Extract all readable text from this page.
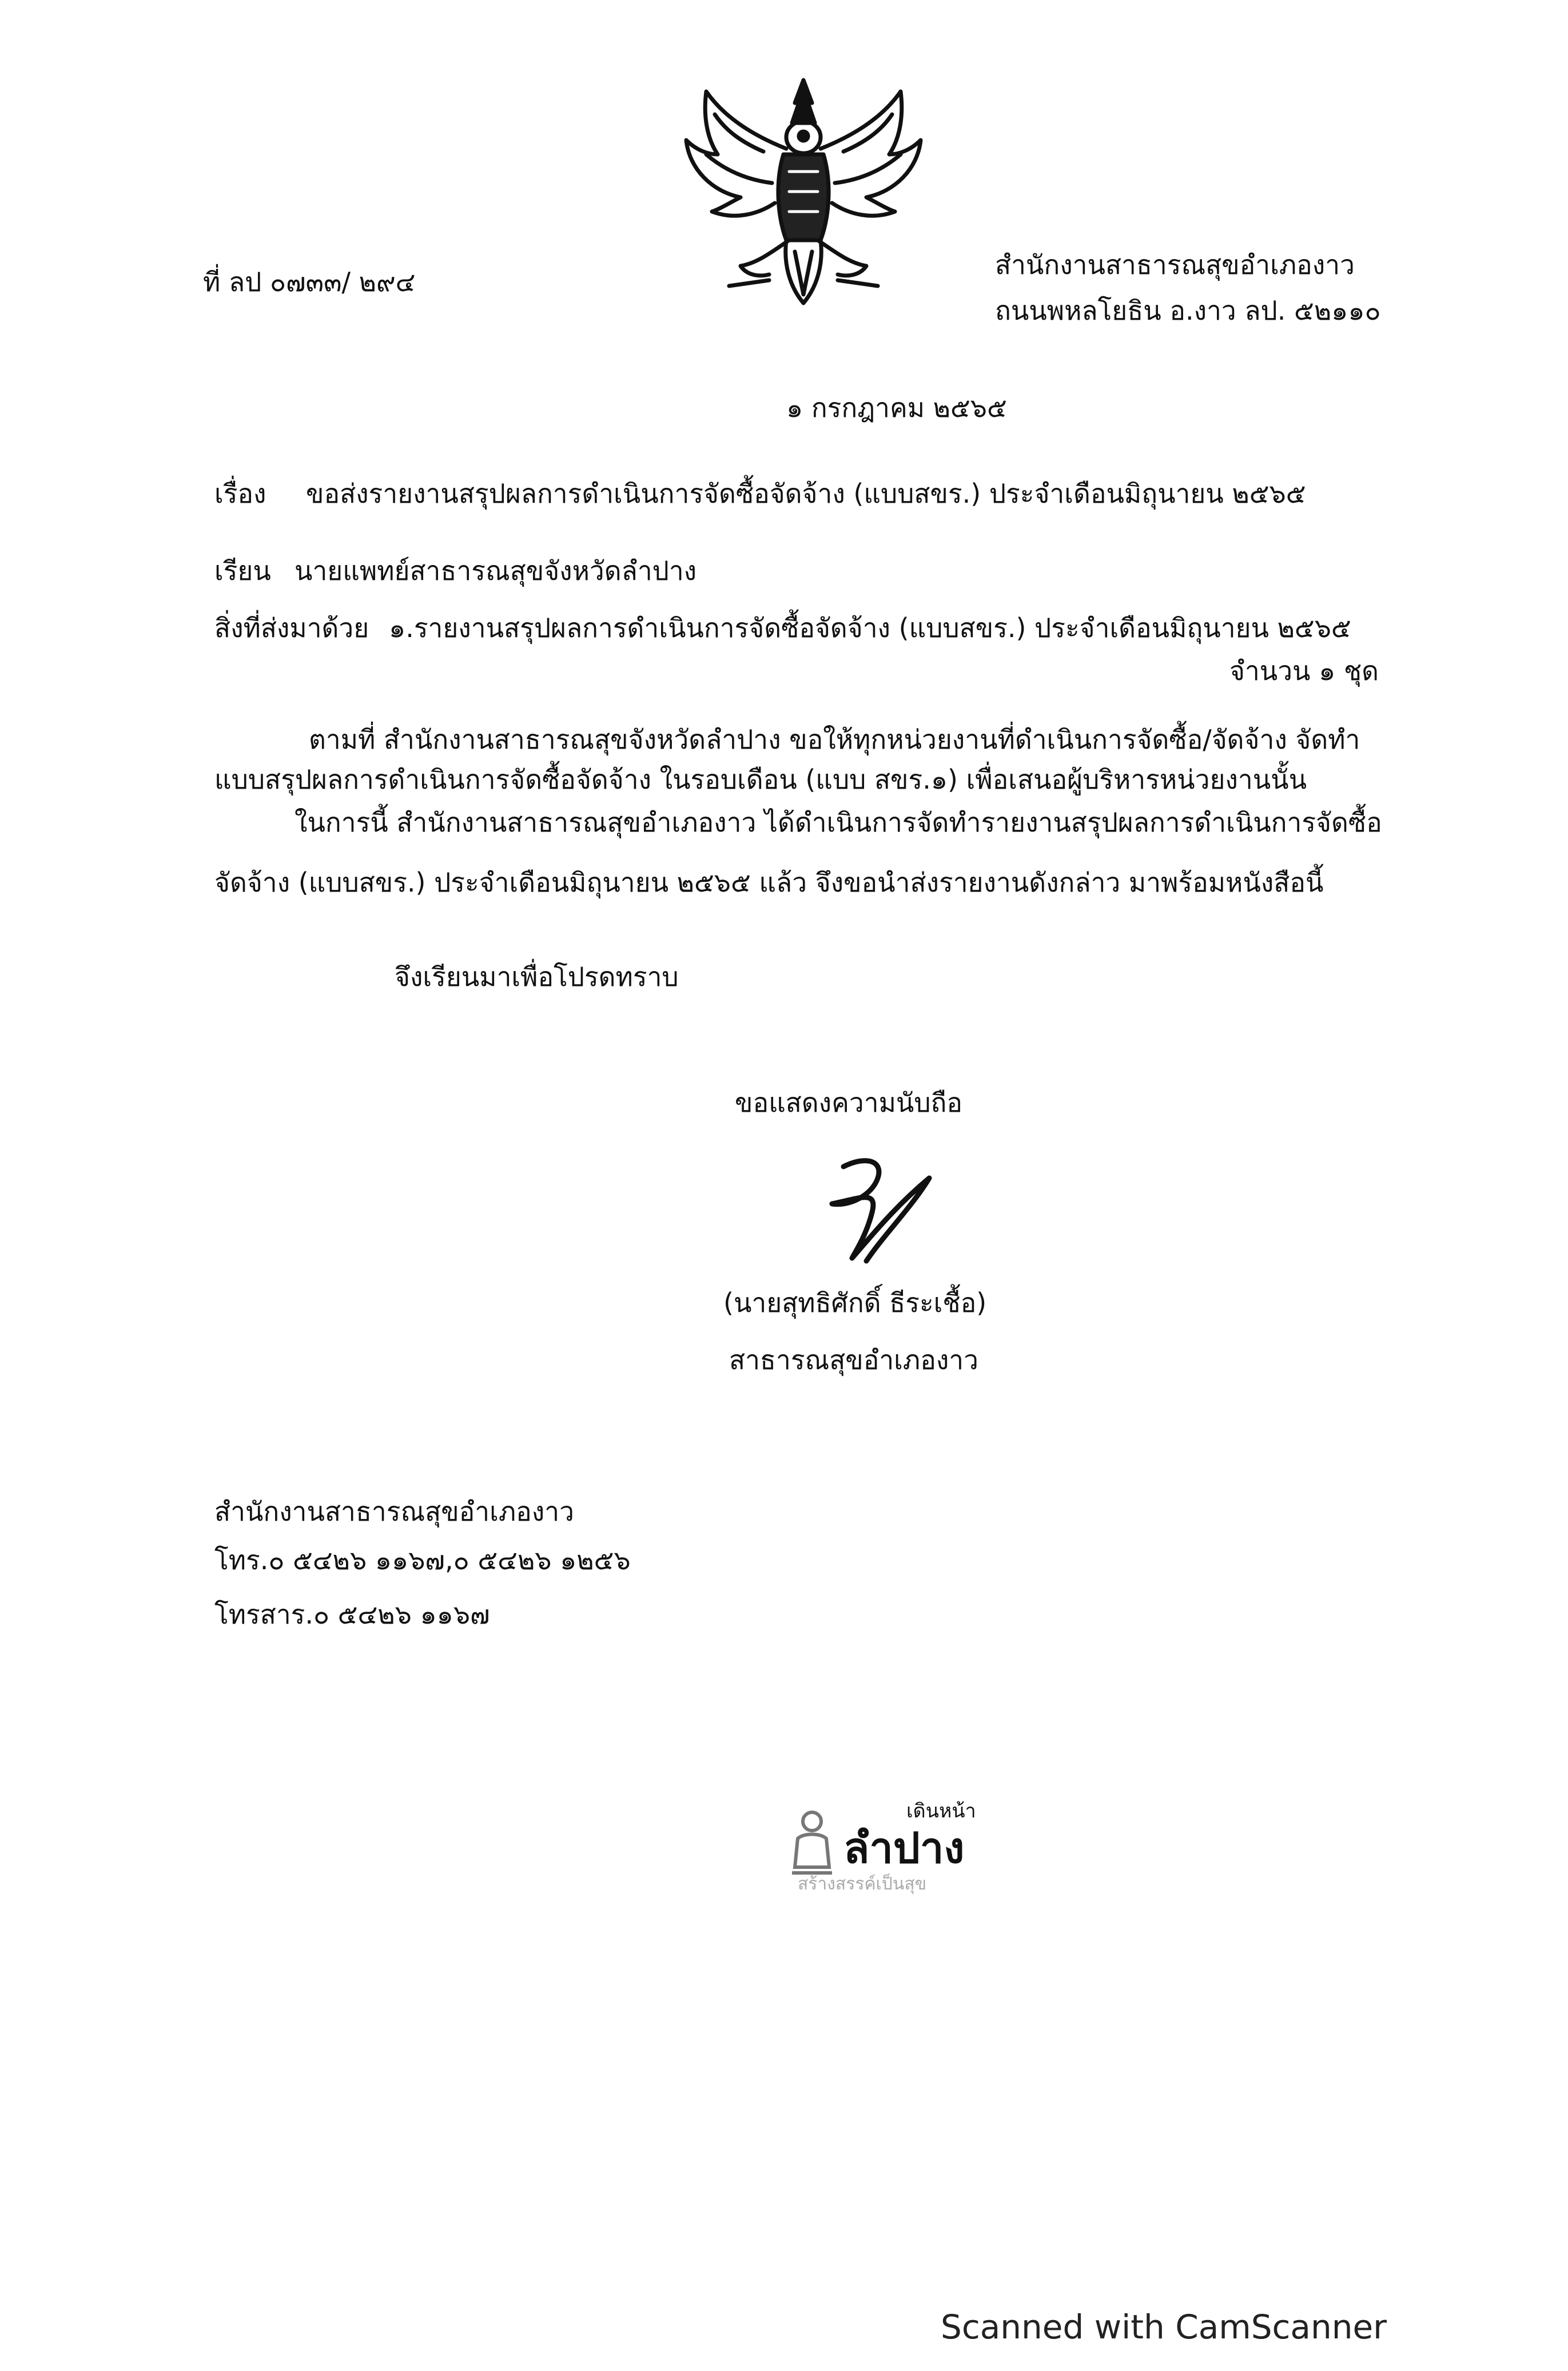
ที่ ลป ๐๗๓๓/ ๒๙๔
สำนักงานสาธารณสุขอำเภองาว
ถนนพหลโยธิน อ.งาว ลป. ๕๒๑๑๐
๑ กรกฎาคม ๒๕๖๕
เรื่อง ขอส่งรายงานสรุปผลการดำเนินการจัดซื้อจัดจ้าง (แบบสขร.) ประจำเดือนมิถุนายน ๒๕๖๕
เรียน นายแพทย์สาธารณสุขจังหวัดลำปาง
สิ่งที่ส่งมาด้วย ๑.รายงานสรุปผลการดำเนินการจัดซื้อจัดจ้าง (แบบสขร.) ประจำเดือนมิถุนายน ๒๕๖๕
จำนวน ๑ ชุด
ตามที่ สำนักงานสาธารณสุขจังหวัดลำปาง ขอให้ทุกหน่วยงานที่ดำเนินการจัดซื้อ/จัดจ้าง จัดทำ
แบบสรุปผลการดำเนินการจัดซื้อจัดจ้าง ในรอบเดือน (แบบ สขร.๑) เพื่อเสนอผู้บริหารหน่วยงานนั้น
ในการนี้ สำนักงานสาธารณสุขอำเภองาว ได้ดำเนินการจัดทำรายงานสรุปผลการดำเนินการจัดซื้อ
จัดจ้าง (แบบสขร.) ประจำเดือนมิถุนายน ๒๕๖๕ แล้ว จึงขอนำส่งรายงานดังกล่าว มาพร้อมหนังสือนี้
จึงเรียนมาเพื่อโปรดทราบ
ขอแสดงความนับถือ
(นายสุทธิศักดิ์ ธีระเชื้อ)
สาธารณสุขอำเภองาว
สำนักงานสาธารณสุขอำเภองาว
โทร.๐ ๕๔๒๖ ๑๑๖๗,๐ ๕๔๒๖ ๑๒๕๖
โทรสาร.๐ ๕๔๒๖ ๑๑๖๗
เดินหน้า
ลำปาง
สร้างสรรค์เป็นสุข
Scanned with CamScanner
